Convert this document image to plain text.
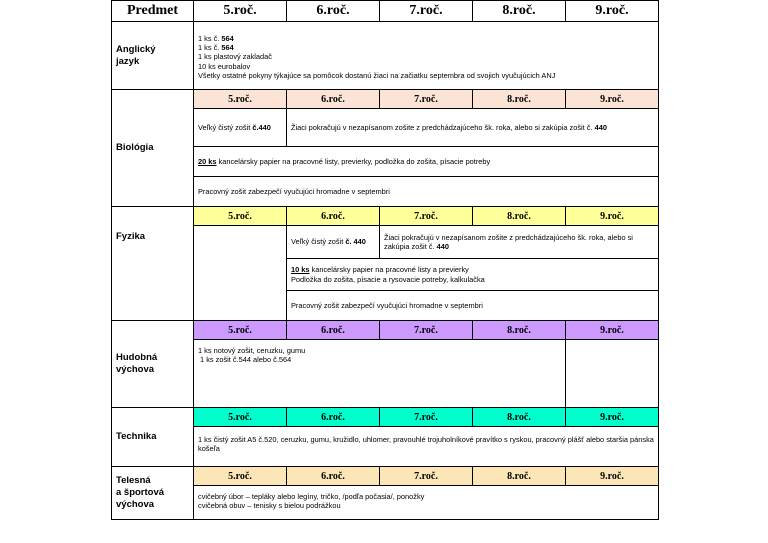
Predmet	5.roč.	6.roč.	7.roč.	8.roč.	9.roč.

Anglický
jazyk	1 ks č. 564
1 ks č. 564
1 ks plastový zakladač
10 ks eurobalov
Všetky ostatné pokyny týkajúce sa pomôcok dostanú žiaci na začiatku septembra od svojich vyučujúcich ANJ				

Biológia	5.roč.	6.roč.	7.roč.	8.roč.	9.roč.
	Veľký čistý zošit č.440	Žiaci pokračujú v nezapísanom zošite z predchádzajúceho šk. roka, alebo si zakúpia zošit č. 440			
	20 ks kancelársky papier na pracovné listy, previerky, podložka do zošita, písacie potreby				
	Pracovný zošit zabezpečí vyučujúci hromadne v septembri				
Fyzika	5.roč.	6.roč.	7.roč.	8.roč.	9.roč.
		Veľký čistý zošit č. 440	Žiaci pokračujú v nezapísanom zošite z predchádzajúceho šk. roka, alebo si zakúpia zošit č. 440		

		10 ks kancelársky papier na pracovné listy a previerky
Podložka do zošita, písacie a rysovacie potreby, kalkulačka			

		Pracovný zošit zabezpečí vyučujúci hromadne v septembri			

Hudobná
výchova	5.roč.	6.roč.	7.roč.	8.roč.	9.roč.

	1 ks notový zošit, ceruzku, gumu
1 ks zošit č.544 alebo č.564				

Technika	5.roč.	6.roč.	7.roč.	8.roč.	9.roč.
	1 ks čistý zošit A5 č.520, ceruzku, gumu, kružidlo, uhlomer, pravouhlé trojuholníkové pravítko s ryskou, pracovný plášť alebo staršia pánska košeľa				

Telesná
a športová
výchova	5.roč.	6.roč.	7.roč.	8.roč.	9.roč.

	cvičebný úbor – tepláky alebo legíny, tričko, /podľa počasia/, ponožky
cvičebná obuv – tenisky s bielou podrážkou				
